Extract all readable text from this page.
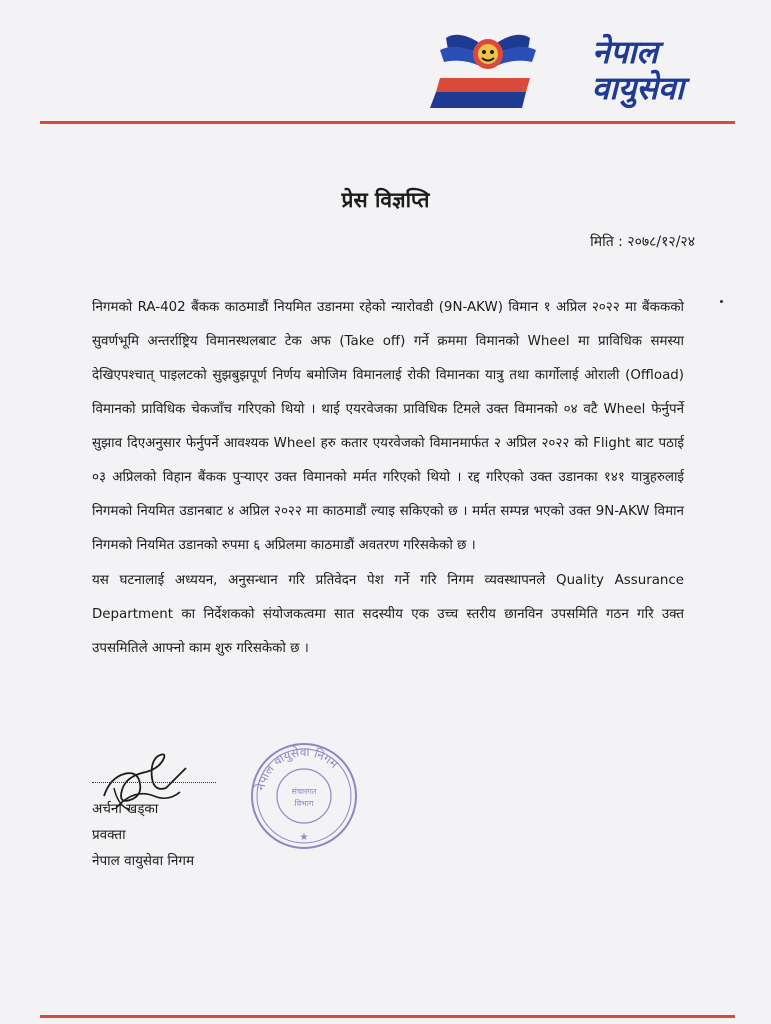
नेपाल
वायुसेवा
प्रेस विज्ञप्ति
मिति : २०७८/१२/२४

निगमको RA-402 बैंकक काठमाडौं नियमित उडानमा रहेको न्यारोवडी (9N-AKW) विमान १ अप्रिल २०२२ मा बैंककको सुवर्णभूमि अन्तर्राष्ट्रिय विमानस्थलबाट टेक अफ (Take off) गर्ने क्रममा विमानको Wheel मा प्राविधिक समस्या देखिएपश्चात् पाइलटको सुझबुझपूर्ण निर्णय बमोजिम विमानलाई रोकी विमानका यात्रु तथा कार्गोलाई ओराली (Offload) विमानको प्राविधिक चेकजाँच गरिएको थियो । थाई एयरवेजका प्राविधिक टिमले उक्त विमानको ०४ वटै Wheel फेर्नुपर्ने सुझाव दिएअनुसार फेर्नुपर्ने आवश्यक Wheel हरु कतार एयरवेजको विमानमार्फत २ अप्रिल २०२२ को Flight बाट पठाई ०३ अप्रिलको विहान बैंकक पुऱ्याएर उक्त विमानको मर्मत गरिएको थियो । रद्द गरिएको उक्त उडानका १४१ यात्रुहरुलाई निगमको नियमित उडानबाट ४ अप्रिल २०२२ मा काठमाडौं ल्याइ सकिएको छ । मर्मत सम्पन्न भएको उक्त 9N-AKW विमान निगमको नियमित उडानको रुपमा ६ अप्रिलमा काठमाडौं अवतरण गरिसकेको छ ।

यस घटनालाई अध्ययन, अनुसन्धान गरि प्रतिवेदन पेश गर्ने गरि निगम व्यवस्थापनले Quality Assurance Department का निर्देशकको संयोजकत्वमा सात सदस्यीय एक उच्च स्तरीय छानविन उपसमिति गठन गरि उक्त उपसमितिले आफ्नो काम शुरु गरिसकेको छ ।

अर्चना खड्का
प्रवक्ता
नेपाल वायुसेवा निगम
नेपाल वायुसेवा निगम
संचारगत
विभाग
★
